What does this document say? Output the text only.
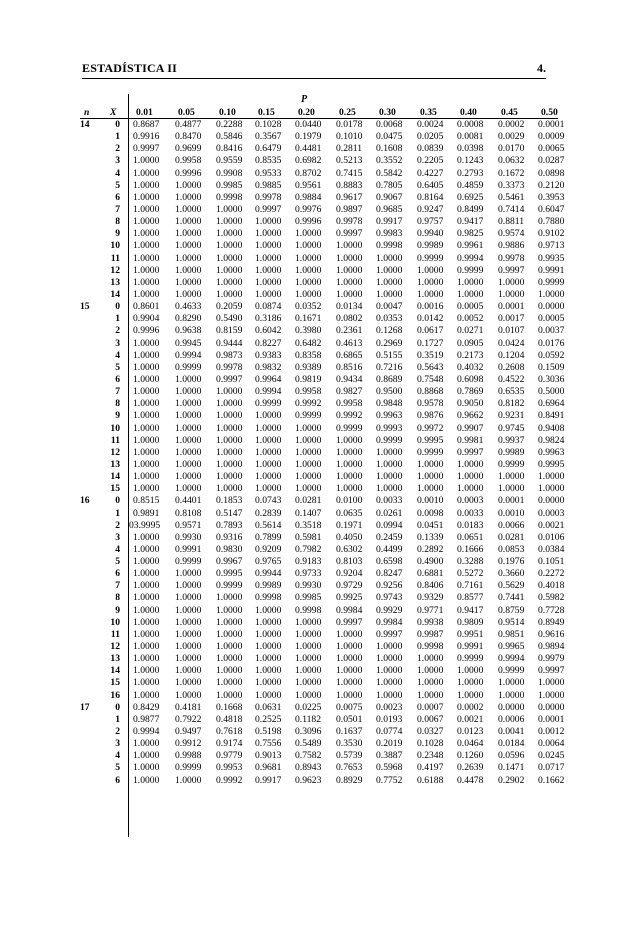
ESTADÍSTICA II	4.
P
n X 0.01	0.05	0.10 0.15 0.20	0.25 0.30	0.35 0.40	0.45 0.50
14	0 0.8687	0.4877	0.2288	0.1028	0.0440	0.0178	0.0068	0.0024	0.0008	0.0002	0.0001
1 0.9916	0.8470	0.5846	0.3567	0.1979	0.1010	0.0475	0.0205	0.0081	0.0029	0.0009
2 0.9997	0.9699	0.8416	0.6479	0.4481	0.2811	0.1608	0.0839	0.0398	0.0170	0.0065
3 1.0000	0.9958	0.9559	0.8535	0.6982	0.5213	0.3552	0.2205	0.1243	0.0632	0.0287
4 1.0000	0.9996	0.9908	0.9533	0.8702	0.7415	0.5842	0.4227	0.2793	0.1672	0.0898
5 1.0000	1.0000	0.9985	0.9885	0.9561	0.8883	0.7805	0.6405	0.4859	0.3373	0.2120
6 1.0000	1.0000	0.9998	0.9978	0.9884	0.9617	0.9067	0.8164	0.6925	0.5461	0.3953
7 1.0000	1.0000	1.0000	0.9997	0.9976	0.9897	0.9685	0.9247	0.8499	0.7414	0.6047
8 1.0000	1.0000	1.0000	1.0000	0.9996	0.9978	0.9917	0.9757	0.9417	0.8811	0.7880
9 1.0000	1.0000	1.0000	1.0000	1.0000	0.9997	0.9983	0.9940	0.9825	0.9574	0.9102
10 1.0000	1.0000	1.0000	1.0000	1.0000	1.0000	0.9998	0.9989	0.9961	0.9886	0.9713
11 1.0000	1.0000	1.0000	1.0000	1.0000	1.0000	1.0000	0.9999	0.9994	0.9978	0.9935
12 1.0000	1.0000	1.0000	1.0000	1.0000	1.0000	1.0000	1.0000	0.9999	0.9997	0.9991
13 1.0000	1.0000	1.0000	1.0000	1.0000	1.0000	1.0000	1.0000	1.0000	1.0000	0.9999
14 1.0000	1.0000	1.0000	1.0000	1.0000	1.0000	1.0000	1.0000	1.0000	1.0000	1.0000
15	0 0.8601	0.4633	0.2059	0.0874	0.0352	0.0134	0.0047	0.0016	0.0005	0.0001	0.0000
1 0.9904	0.8290	0.5490	0.3186	0.1671	0.0802	0.0353	0.0142	0.0052	0.0017	0.0005
2 0.9996	0.9638	0.8159	0.6042	0.3980	0.2361	0.1268	0.0617	0.0271	0.0107	0.0037
3 1.0000	0.9945	0.9444	0.8227	0.6482	0.4613	0.2969	0.1727	0.0905	0.0424	0.0176
4 1.0000	0.9994	0.9873	0.9383	0.8358	0.6865	0.5155	0.3519	0.2173	0.1204	0.0592
5 1.0000	0.9999	0.9978	0.9832	0.9389	0.8516	0.7216	0.5643	0.4032	0.2608	0.1509
6 1.0000	1.0000	0.9997	0.9964	0.9819	0.9434	0.8689	0.7548	0.6098	0.4522	0.3036
7 1.0000	1.0000	1.0000	0.9994	0.9958	0.9827	0.9500	0.8868	0.7869	0.6535	0.5000
8 1.0000	1.0000	1.0000	0.9999	0.9992	0.9958	0.9848	0.9578	0.9050	0.8182	0.6964
9 1.0000	1.0000	1.0000	1.0000	0.9999	0.9992	0.9963	0.9876	0.9662	0.9231	0.8491
10 1.0000	1.0000	1.0000	1.0000	1.0000	0.9999	0.9993	0.9972	0.9907	0.9745	0.9408
11 1.0000	1.0000	1.0000	1.0000	1.0000	1.0000	0.9999	0.9995	0.9981	0.9937	0.9824
12 1.0000	1.0000	1.0000	1.0000	1.0000	1.0000	1.0000	0.9999	0.9997	0.9989	0.9963
13 1.0000	1.0000	1.0000	1.0000	1.0000	1.0000	1.0000	1.0000	1.0000	0.9999	0.9995
14 1.0000	1.0000	1.0000	1.0000	1.0000	1.0000	1.0000	1.0000	1.0000	1.0000	1.0000
15 1.0000	1.0000	1.0000	1.0000	1.0000	1.0000	1.0000	1.0000	1.0000	1.0000	1.0000
16	0 0.8515	0.4401	0.1853	0.0743	0.0281	0.0100	0.0033	0.0010	0.0003	0.0001	0.0000
1 0.9891	0.8108	0.5147	0.2839	0.1407	0.0635	0.0261	0.0098	0.0033	0.0010	0.0003
2 03.9995	0.9571	0.7893	0.5614	0.3518	0.1971	0.0994	0.0451	0.0183	0.0066	0.0021
3 1.0000	0.9930	0.9316	0.7899	0.5981	0.4050	0.2459	0.1339	0.0651	0.0281	0.0106
4 1.0000	0.9991	0.9830	0.9209	0.7982	0.6302	0.4499	0.2892	0.1666	0.0853	0.0384
5 1.0000	0.9999	0.9967	0.9765	0.9183	0.8103	0.6598	0.4900	0.3288	0.1976	0.1051
6 1.0000	1.0000	0.9995	0.9944	0.9733	0.9204	0.8247	0.6881	0.5272	0.3660	0.2272
7 1.0000	1.0000	0.9999	0.9989	0.9930	0.9729	0.9256	0.8406	0.7161	0.5629	0.4018
8 1.0000	1.0000	1.0000	0.9998	0.9985	0.9925	0.9743	0.9329	0.8577	0.7441	0.5982
9 1.0000	1.0000	1.0000	1.0000	0.9998	0.9984	0.9929	0.9771	0.9417	0.8759	0.7728
10 1.0000	1.0000	1.0000	1.0000	1.0000	0.9997	0.9984	0.9938	0.9809	0.9514	0.8949
11 1.0000	1.0000	1.0000	1.0000	1.0000	1.0000	0.9997	0.9987	0.9951	0.9851	0.9616
12 1.0000	1.0000	1.0000	1.0000	1.0000	1.0000	1.0000	0.9998	0.9991	0.9965	0.9894
13 1.0000	1.0000	1.0000	1.0000	1.0000	1.0000	1.0000	1.0000	0.9999	0.9994	0.9979
14 1.0000	1.0000	1.0000	1.0000	1.0000	1.0000	1.0000	1.0000	1.0000	0.9999	0.9997
15 1.0000	1.0000	1.0000	1.0000	1.0000	1.0000	1.0000	1.0000	1.0000	1.0000	1.0000
16 1.0000	1.0000	1.0000	1.0000	1.0000	1.0000	1.0000	1.0000	1.0000	1.0000	1.0000
17	0 0.8429	0.4181	0.1668	0.0631	0.0225	0.0075	0.0023	0.0007	0.0002	0.0000	0.0000
1 0.9877	0.7922	0.4818	0.2525	0.1182	0.0501	0.0193	0.0067	0.0021	0.0006	0.0001
2 0.9994	0.9497	0.7618	0.5198	0.3096	0.1637	0.0774	0.0327	0.0123	0.0041	0.0012
3 1.0000	0.9912	0.9174	0.7556	0.5489	0.3530	0.2019	0.1028	0.0464	0.0184	0.0064
4 1.0000	0.9988	0.9779	0.9013	0.7582	0.5739	0.3887	0.2348	0.1260	0.0596	0.0245
5 1.0000	0.9999	0.9953	0.9681	0.8943	0.7653	0.5968	0.4197	0.2639	0.1471	0.0717
6 1.0000	1.0000	0.9992	0.9917	0.9623	0.8929	0.7752	0.6188	0.4478	0.2902	0.1662
